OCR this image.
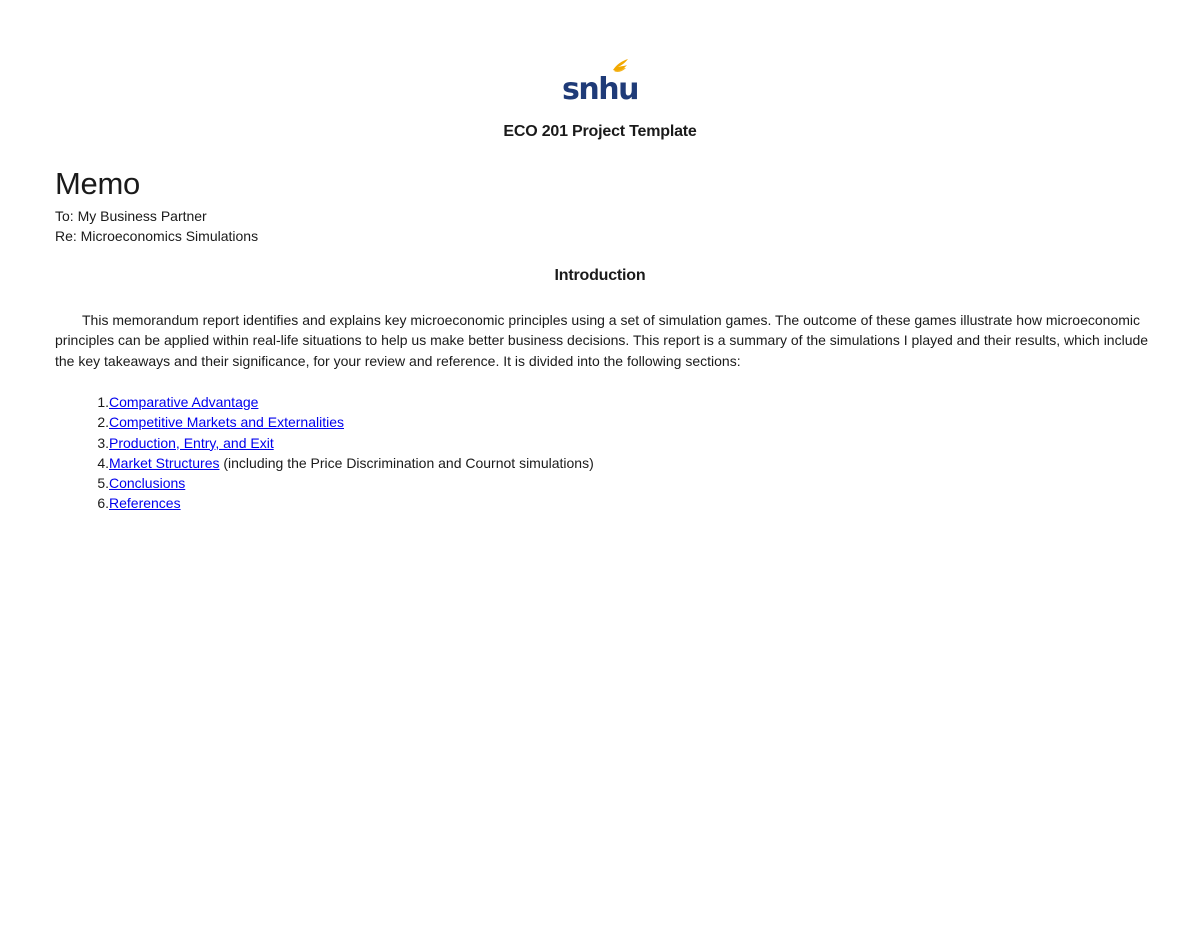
snhu
ECO 201 Project Template
Memo
To: My Business Partner
Re: Microeconomics Simulations
Introduction

This memorandum report identifies and explains key microeconomic principles using a set of simulation games. The outcome of these games illustrate how microeconomic principles can be applied within real-life situations to help us make better business decisions. This report is a summary of the simulations I played and their results, which include the key takeaways and their significance, for your review and reference. It is divided into the following sections:

1. Comparative Advantage
2. Competitive Markets and Externalities
3. Production, Entry, and Exit
4. Market Structures (including the Price Discrimination and Cournot simulations)
5. Conclusions
6. References
